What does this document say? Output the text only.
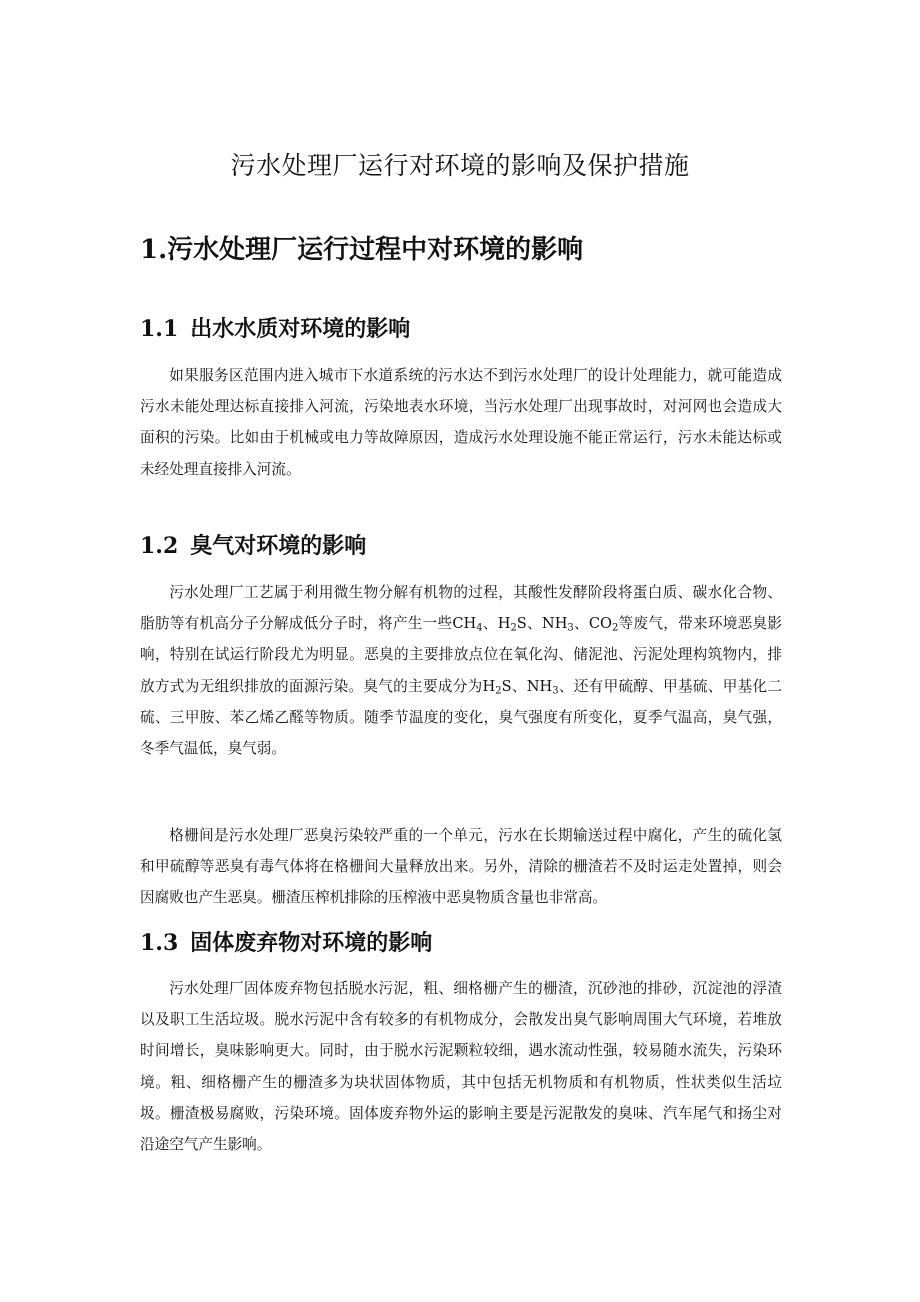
污水处理厂运行对环境的影响及保护措施
1.污水处理厂运行过程中对环境的影响
1.1 出水水质对环境的影响

如果服务区范围内进入城市下水道系统的污水达不到污水处理厂的设计处理能力，就可能造成污水未能处理达标直接排入河流，污染地表水环境，当污水处理厂出现事故时，对河网也会造成大面积的污染。比如由于机械或电力等故障原因，造成污水处理设施不能正常运行，污水未能达标或未经处理直接排入河流。

1.2 臭气对环境的影响

污水处理厂工艺属于利用微生物分解有机物的过程，其酸性发酵阶段将蛋白质、碳水化合物、脂肪等有机高分子分解成低分子时，将产生一些$CH_4$、$H_2S$、$NH_3$、$CO_2$等废气，带来环境恶臭影响，特别在试运行阶段尤为明显。恶臭的主要排放点位在氧化沟、储泥池、污泥处理构筑物内，排放方式为无组织排放的面源污染。臭气的主要成分为$H_2S$、$NH_3$、还有甲硫醇、甲基硫、甲基化二硫、三甲胺、苯乙烯乙醛等物质。随季节温度的变化，臭气强度有所变化，夏季气温高，臭气强，冬季气温低，臭气弱。

格栅间是污水处理厂恶臭污染较严重的一个单元，污水在长期输送过程中腐化，产生的硫化氢和甲硫醇等恶臭有毒气体将在格栅间大量释放出来。另外，清除的栅渣若不及时运走处置掉，则会因腐败也产生恶臭。栅渣压榨机排除的压榨液中恶臭物质含量也非常高。

1.3 固体废弃物对环境的影响

污水处理厂固体废弃物包括脱水污泥，粗、细格栅产生的栅渣，沉砂池的排砂，沉淀池的浮渣以及职工生活垃圾。脱水污泥中含有较多的有机物成分，会散发出臭气影响周围大气环境，若堆放时间增长，臭味影响更大。同时，由于脱水污泥颗粒较细，遇水流动性强，较易随水流失，污染环境。粗、细格栅产生的栅渣多为块状固体物质，其中包括无机物质和有机物质，性状类似生活垃圾。栅渣极易腐败，污染环境。固体废弃物外运的影响主要是污泥散发的臭味、汽车尾气和扬尘对沿途空气产生影响。
